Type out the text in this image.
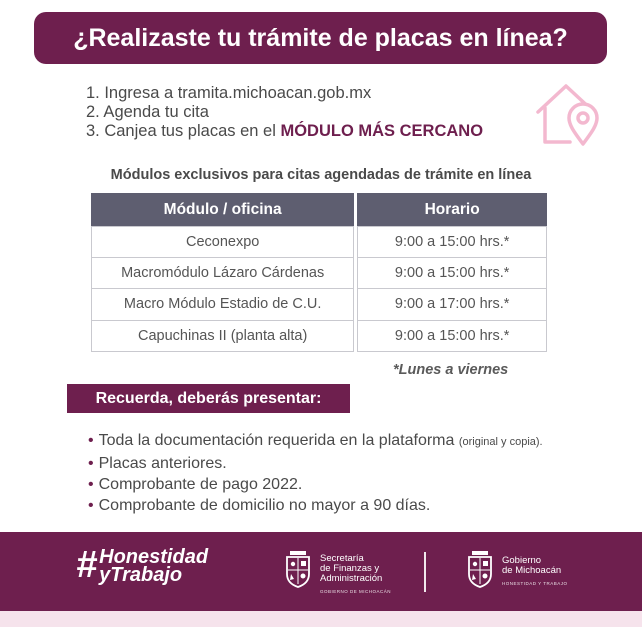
¿Realizaste tu trámite de placas en línea?
1. Ingresa a tramita.michoacan.gob.mx
2. Agenda tu cita
3. Canjea tus placas en el MÓDULO MÁS CERCANO
Módulos exclusivos para citas agendadas de trámite en línea
Módulo / oficina	Horario
Ceconexpo	9:00 a 15:00 hrs.*
Macromódulo Lázaro Cárdenas	9:00 a 15:00 hrs.*
Macro Módulo Estadio de C.U.	9:00 a 17:00 hrs.*
Capuchinas II (planta alta)	9:00 a 15:00 hrs.*
*Lunes a viernes
Recuerda, deberás presentar:
• Toda la documentación requerida en la plataforma (original y copia).
• Placas anteriores.
• Comprobante de pago 2022.
• Comprobante de domicilio no mayor a 90 días.
# Honestidad
yTrabajo
Secretaría
de Finanzas y
Administración
GOBIERNO DE MICHOACÁN
Gobierno
de Michoacán
HONESTIDAD Y TRABAJO
